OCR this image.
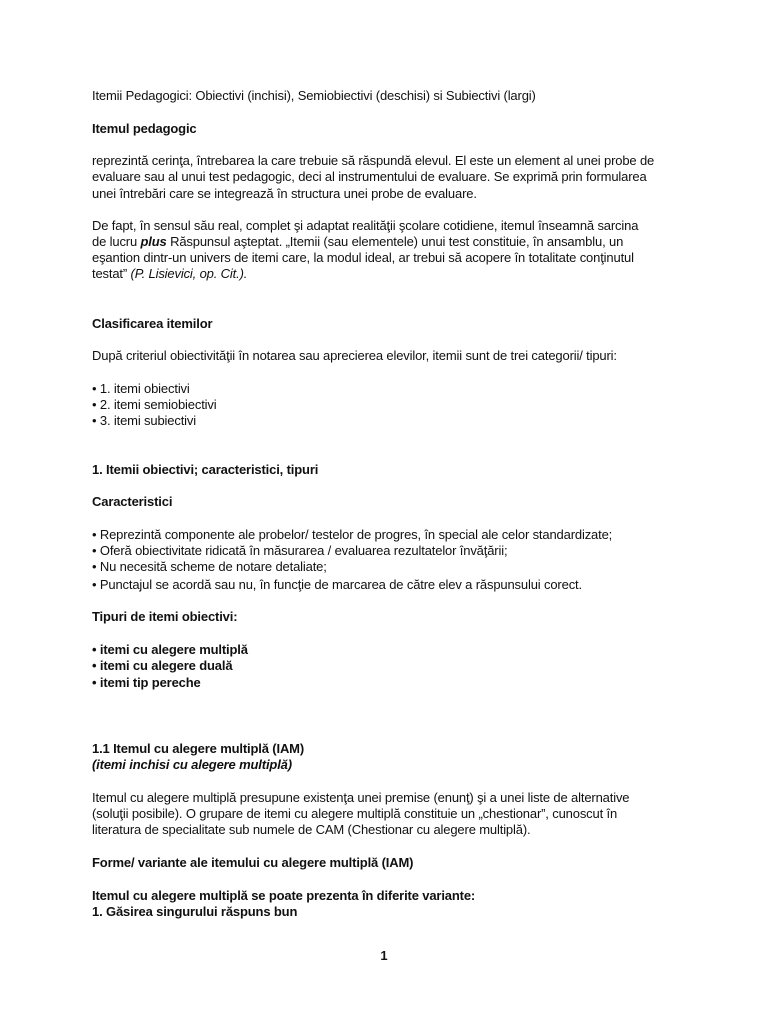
Itemii Pedagogici: Obiectivi (inchisi), Semiobiectivi (deschisi) si Subiectivi (largi)
Itemul pedagogic
reprezintă cerinţa, întrebarea la care trebuie să răspundă elevul. El este un element al unei probe de
evaluare sau al unui test pedagogic, deci al instrumentului de evaluare. Se exprimă prin formularea
unei întrebări care se integrează în structura unei probe de evaluare.
De fapt, în sensul său real, complet şi adaptat realităţii şcolare cotidiene, itemul înseamnă sarcina
de lucru plus Răspunsul aşteptat. „Itemii (sau elementele) unui test constituie, în ansamblu, un
eşantion dintr-un univers de itemi care, la modul ideal, ar trebui să acopere în totalitate conţinutul
testat” (P. Lisievici, op. Cit.).
Clasificarea itemilor
După criteriul obiectivităţii în notarea sau aprecierea elevilor, itemii sunt de trei categorii/ tipuri:
• 1. itemi obiectivi
• 2. itemi semiobiectivi
• 3. itemi subiectivi
1. Itemii obiectivi; caracteristici, tipuri
Caracteristici
• Reprezintă componente ale probelor/ testelor de progres, în special ale celor standardizate;
• Oferă obiectivitate ridicată în măsurarea / evaluarea rezultatelor învăţării;
• Nu necesită scheme de notare detaliate;
• Punctajul se acordă sau nu, în funcţie de marcarea de către elev a răspunsului corect.
Tipuri de itemi obiectivi:
• itemi cu alegere multiplă
• itemi cu alegere duală
• itemi tip pereche
1.1 Itemul cu alegere multiplă (IAM)
(itemi inchisi cu alegere multiplă)
Itemul cu alegere multiplă presupune existenţa unei premise (enunţ) şi a unei liste de alternative
(soluţii posibile). O grupare de itemi cu alegere multiplă constituie un „chestionar”, cunoscut în
literatura de specialitate sub numele de CAM (Chestionar cu alegere multiplă).
Forme/ variante ale itemului cu alegere multiplă (IAM)
Itemul cu alegere multiplă se poate prezenta în diferite variante:
1. Găsirea singurului răspuns bun
1
